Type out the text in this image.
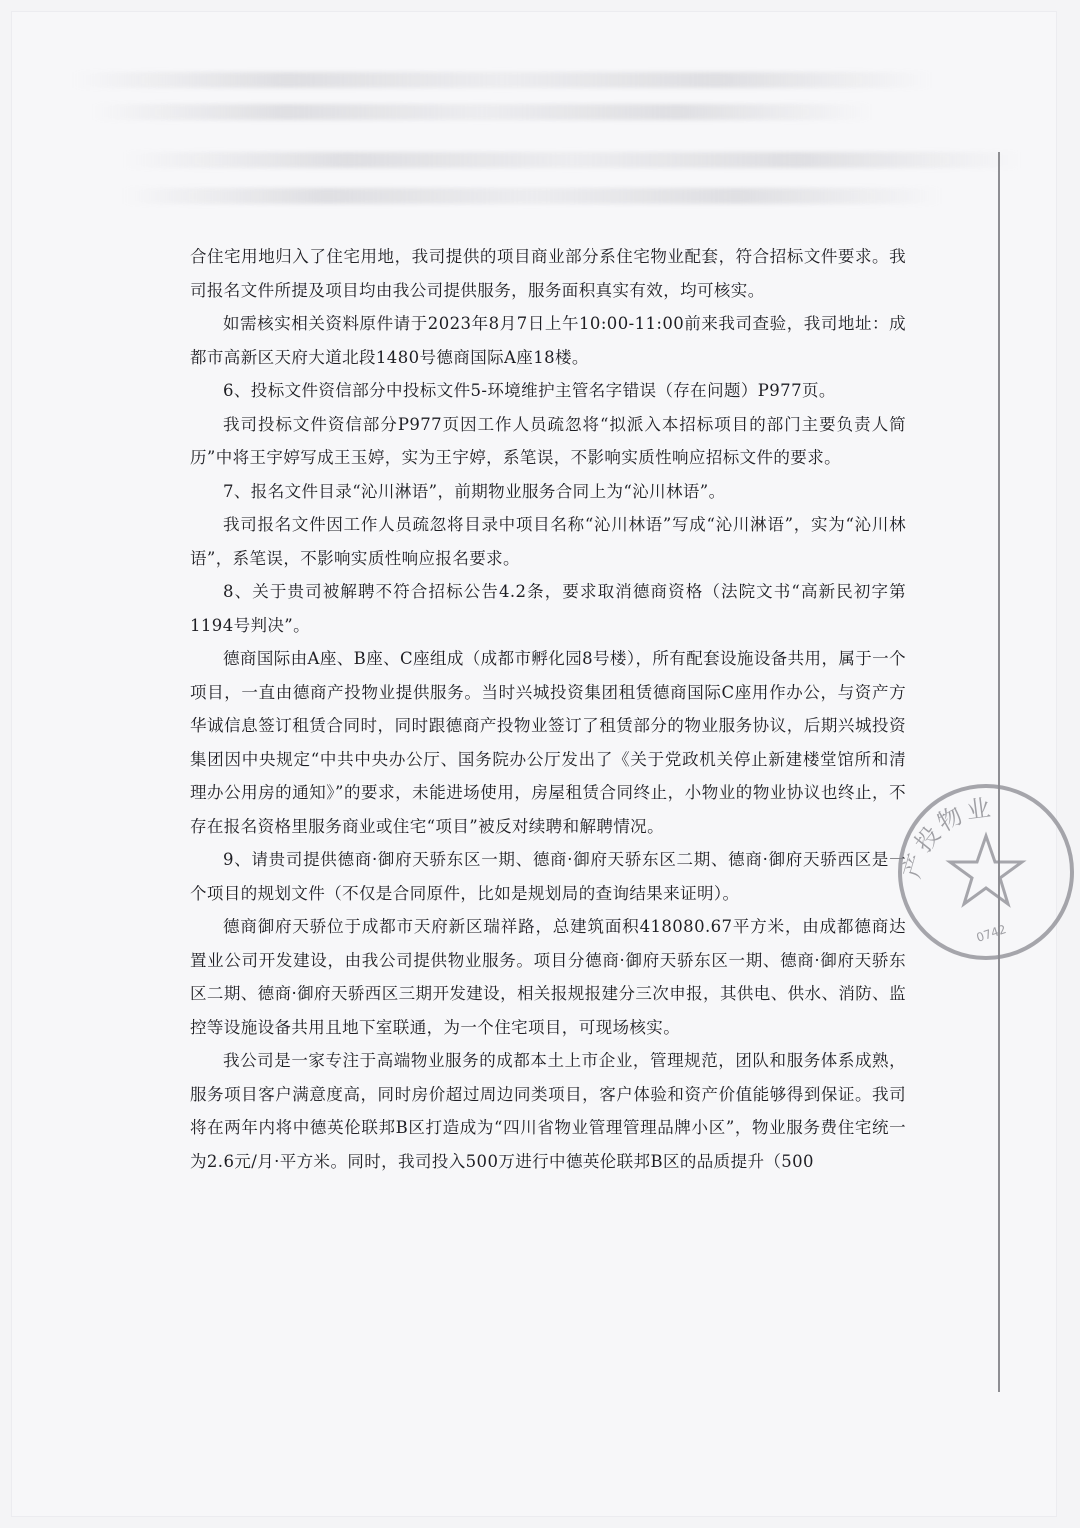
合住宅用地归入了住宅用地，我司提供的项目商业部分系住宅物业配套，符合招标文件要求。我司报名文件所提及项目均由我公司提供服务，服务面积真实有效，均可核实。

如需核实相关资料原件请于2023年8月7日上午10:00-11:00前来我司查验，我司地址：成都市高新区天府大道北段1480号德商国际A座18楼。

6、投标文件资信部分中投标文件5-环境维护主管名字错误（存在问题）P977页。

我司投标文件资信部分P977页因工作人员疏忽将“拟派入本招标项目的部门主要负责人简历”中将王宇婷写成王玉婷，实为王宇婷，系笔误，不影响实质性响应招标文件的要求。

7、报名文件目录“沁川淋语”，前期物业服务合同上为“沁川林语”。

我司报名文件因工作人员疏忽将目录中项目名称“沁川林语”写成“沁川淋语”，实为“沁川林语”，系笔误，不影响实质性响应报名要求。

8、关于贵司被解聘不符合招标公告4.2条，要求取消德商资格（法院文书“高新民初字第1194号判决”。

德商国际由A座、B座、C座组成（成都市孵化园8号楼），所有配套设施设备共用，属于一个项目，一直由德商产投物业提供服务。当时兴城投资集团租赁德商国际C座用作办公，与资产方华诚信息签订租赁合同时，同时跟德商产投物业签订了租赁部分的物业服务协议，后期兴城投资集团因中央规定“中共中央办公厅、国务院办公厅发出了《关于党政机关停止新建楼堂馆所和清理办公用房的通知》”的要求，未能进场使用，房屋租赁合同终止，小物业的物业协议也终止，不存在报名资格里服务商业或住宅“项目”被反对续聘和解聘情况。

9、请贵司提供德商·御府天骄东区一期、德商·御府天骄东区二期、德商·御府天骄西区是一个项目的规划文件（不仅是合同原件，比如是规划局的查询结果来证明）。

德商御府天骄位于成都市天府新区瑞祥路，总建筑面积418080.67平方米，由成都德商达置业公司开发建设，由我公司提供物业服务。项目分德商·御府天骄东区一期、德商·御府天骄东区二期、德商·御府天骄西区三期开发建设，相关报规报建分三次申报，其供电、供水、消防、监控等设施设备共用且地下室联通，为一个住宅项目，可现场核实。

我公司是一家专注于高端物业服务的成都本土上市企业，管理规范，团队和服务体系成熟，服务项目客户满意度高，同时房价超过周边同类项目，客户体验和资产价值能够得到保证。我司将在两年内将中德英伦联邦B区打造成为“四川省物业管理管理品牌小区”，物业服务费住宅统一为2.6元/月·平方米。同时，我司投入500万进行中德英伦联邦B区的品质提升（500

产投物业
0742
